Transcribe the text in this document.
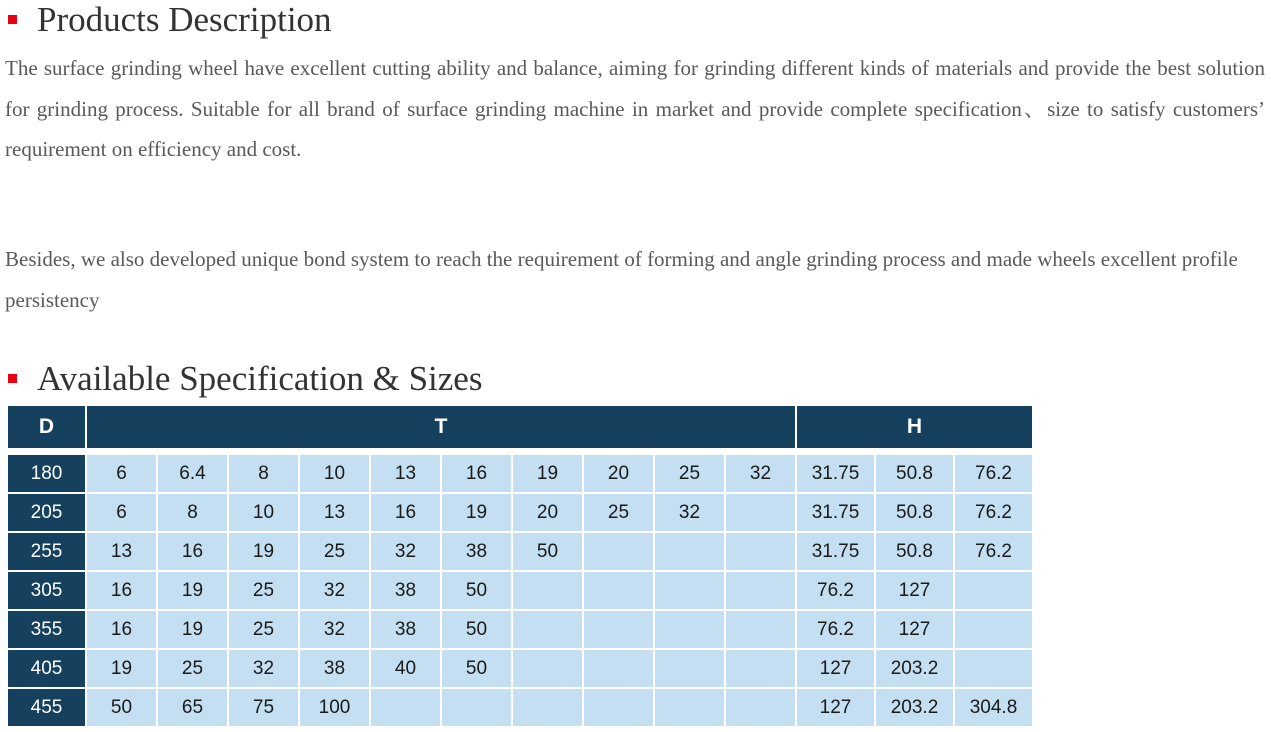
Products Description

The surface grinding wheel have excellent cutting ability and balance, aiming for grinding different kinds of materials and provide the best solution for grinding process. Suitable for all brand of surface grinding machine in market and provide complete specification、size to satisfy customers’ requirement on efficiency and cost.

Besides, we also developed unique bond system to reach the requirement of forming and angle grinding process and made wheels excellent profile persistency

Available Specification & Sizes
D	T										H		

180	6	6.4	8	10	13	16	19	20	25	32	31.75	50.8	76.2
205	6	8	10	13	16	19	20	25	32		31.75	50.8	76.2
255	13	16	19	25	32	38	50				31.75	50.8	76.2
305	16	19	25	32	38	50					76.2	127	
355	16	19	25	32	38	50					76.2	127	
405	19	25	32	38	40	50					127	203.2	
455	50	65	75	100							127	203.2	304.8
